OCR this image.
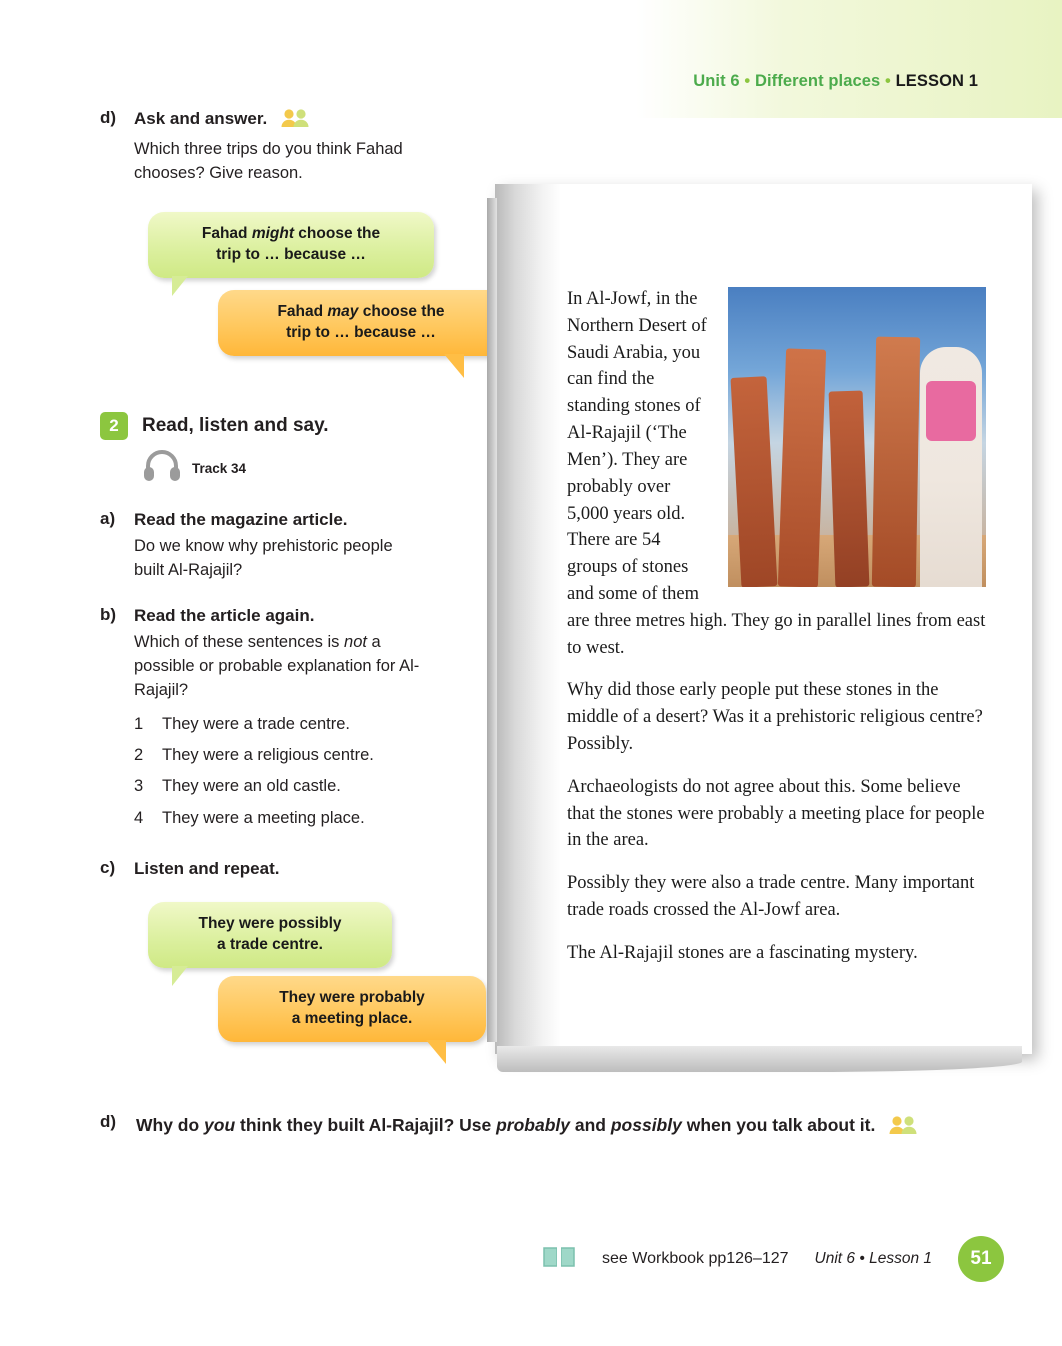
Unit 6 • Different places • LESSON 1
d)	Ask and answer.
Which three trips do you think Fahad chooses? Give reason.
Fahad might choose the
trip to … because …
Fahad may choose the
trip to … because …
2	Read, listen and say.
Track 34
a)	Read the magazine article.
Do we know why prehistoric people built Al-Rajajil?
b)	Read the article again.
Which of these sentences is not a possible or probable explanation for Al-Rajajil?
1 They were a trade centre.
2 They were a religious centre.
3 They were an old castle.
4 They were a meeting place.
c)	Listen and repeat.
They were possibly
a trade centre.
They were probably
a meeting place.

In Al-Jowf, in the Northern Desert of Saudi Arabia, you can find the standing stones of Al-Rajajil (‘The Men’). They are probably over 5,000 years old. There are 54 groups of stones and some of them are three metres high. They go in parallel lines from east to west.

Why did those early people put these stones in the middle of a desert? Was it a prehistoric religious centre? Possibly.

Archaeologists do not agree about this. Some believe that the stones were probably a meeting place for people in the area.

Possibly they were also a trade centre. Many important trade roads crossed the Al-Jowf area.

The Al-Rajajil stones are a fascinating mystery.

d)	Why do you think they built Al-Rajajil? Use probably and possibly when you talk about it.
see Workbook pp126–127 Unit 6 • Lesson 1	51
